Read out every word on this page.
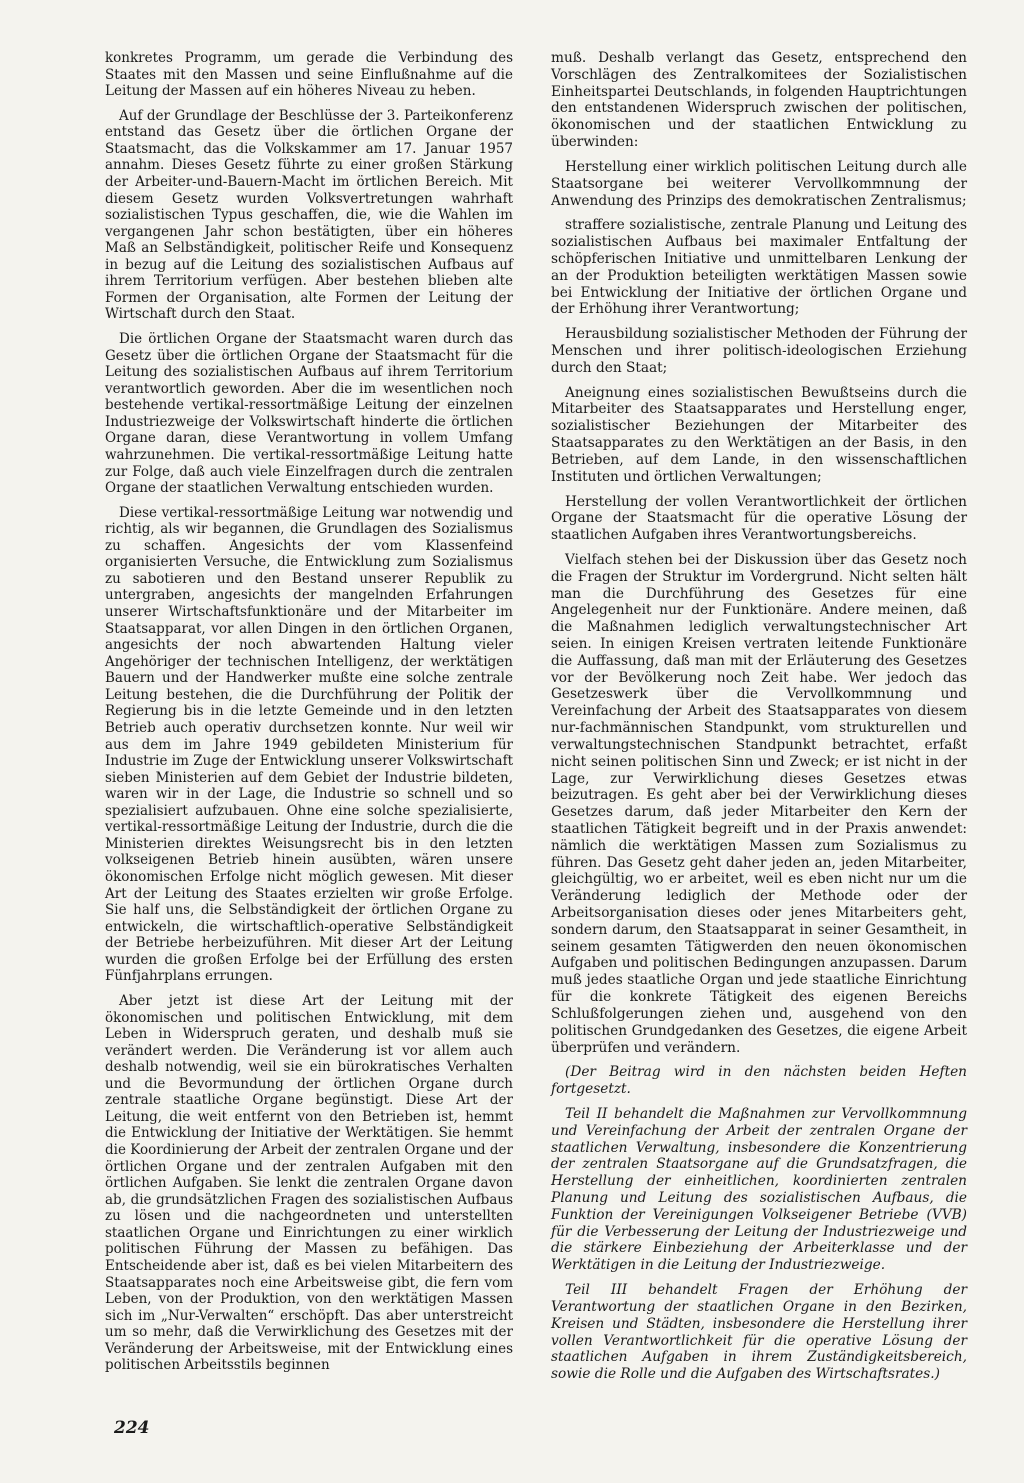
konkretes Programm, um gerade die Verbindung des Staates mit den Massen und seine Einflußnahme auf die Leitung der Massen auf ein höheres Niveau zu heben.

Auf der Grundlage der Beschlüsse der 3. Parteikonferenz entstand das Gesetz über die örtlichen Organe der Staatsmacht, das die Volkskammer am 17. Januar 1957 annahm. Dieses Gesetz führte zu einer großen Stärkung der Arbeiter-und-Bauern-Macht im örtlichen Bereich. Mit diesem Gesetz wurden Volksvertretungen wahrhaft sozialistischen Typus geschaffen, die, wie die Wahlen im vergangenen Jahr schon bestätigten, über ein höheres Maß an Selbständigkeit, politischer Reife und Konsequenz in bezug auf die Leitung des sozialistischen Aufbaus auf ihrem Territorium verfügen. Aber bestehen blieben alte Formen der Organisation, alte Formen der Leitung der Wirtschaft durch den Staat.

Die örtlichen Organe der Staatsmacht waren durch das Gesetz über die örtlichen Organe der Staatsmacht für die Leitung des sozialistischen Aufbaus auf ihrem Territorium verantwortlich geworden. Aber die im wesentlichen noch bestehende vertikal-ressortmäßige Leitung der einzelnen Industriezweige der Volkswirtschaft hinderte die örtlichen Organe daran, diese Verantwortung in vollem Umfang wahrzunehmen. Die vertikal-ressortmäßige Leitung hatte zur Folge, daß auch viele Einzelfragen durch die zentralen Organe der staatlichen Verwaltung entschieden wurden.

Diese vertikal-ressortmäßige Leitung war notwendig und richtig, als wir begannen, die Grundlagen des Sozialismus zu schaffen. Angesichts der vom Klassenfeind organisierten Versuche, die Entwicklung zum Sozialismus zu sabotieren und den Bestand unserer Republik zu untergraben, angesichts der mangelnden Erfahrungen unserer Wirtschaftsfunktionäre und der Mitarbeiter im Staatsapparat, vor allen Dingen in den örtlichen Organen, angesichts der noch abwartenden Haltung vieler Angehöriger der technischen Intelligenz, der werktätigen Bauern und der Handwerker mußte eine solche zentrale Leitung bestehen, die die Durchführung der Politik der Regierung bis in die letzte Gemeinde und in den letzten Betrieb auch operativ durchsetzen konnte. Nur weil wir aus dem im Jahre 1949 gebildeten Ministerium für Industrie im Zuge der Entwicklung unserer Volkswirtschaft sieben Ministerien auf dem Gebiet der Industrie bildeten, waren wir in der Lage, die Industrie so schnell und so spezialisiert aufzubauen. Ohne eine solche spezialisierte, vertikal-ressortmäßige Leitung der Industrie, durch die die Ministerien direktes Weisungsrecht bis in den letzten volkseigenen Betrieb hinein ausübten, wären unsere ökonomischen Erfolge nicht möglich gewesen. Mit dieser Art der Leitung des Staates erzielten wir große Erfolge. Sie half uns, die Selbständigkeit der örtlichen Organe zu entwickeln, die wirtschaftlich-operative Selbständigkeit der Betriebe herbeizuführen. Mit dieser Art der Leitung wurden die großen Erfolge bei der Erfüllung des ersten Fünfjahrplans errungen.

Aber jetzt ist diese Art der Leitung mit der ökonomischen und politischen Entwicklung, mit dem Leben in Widerspruch geraten, und deshalb muß sie verändert werden. Die Veränderung ist vor allem auch deshalb notwendig, weil sie ein bürokratisches Verhalten und die Bevormundung der örtlichen Organe durch zentrale staatliche Organe begünstigt. Diese Art der Leitung, die weit entfernt von den Betrieben ist, hemmt die Entwicklung der Initiative der Werktätigen. Sie hemmt die Koordinierung der Arbeit der zentralen Organe und der örtlichen Organe und der zentralen Aufgaben mit den örtlichen Aufgaben. Sie lenkt die zentralen Organe davon ab, die grundsätzlichen Fragen des sozialistischen Aufbaus zu lösen und die nachgeordneten und unterstellten staatlichen Organe und Einrichtungen zu einer wirklich politischen Führung der Massen zu befähigen. Das Entscheidende aber ist, daß es bei vielen Mitarbeitern des Staatsapparates noch eine Arbeitsweise gibt, die fern vom Leben, von der Produktion, von den werktätigen Massen sich im „Nur-Verwalten“ erschöpft. Das aber unterstreicht um so mehr, daß die Verwirklichung des Gesetzes mit der Veränderung der Arbeitsweise, mit der Entwicklung eines politischen Arbeitsstils beginnen

muß. Deshalb verlangt das Gesetz, entsprechend den Vorschlägen des Zentralkomitees der Sozialistischen Einheitspartei Deutschlands, in folgenden Hauptrichtungen den entstandenen Widerspruch zwischen der politischen, ökonomischen und der staatlichen Entwicklung zu überwinden:

Herstellung einer wirklich politischen Leitung durch alle Staatsorgane bei weiterer Vervollkommnung der Anwendung des Prinzips des demokratischen Zentralismus;

straffere sozialistische, zentrale Planung und Leitung des sozialistischen Aufbaus bei maximaler Entfaltung der schöpferischen Initiative und unmittelbaren Lenkung der an der Produktion beteiligten werktätigen Massen sowie bei Entwicklung der Initiative der örtlichen Organe und der Erhöhung ihrer Verantwortung;

Herausbildung sozialistischer Methoden der Führung der Menschen und ihrer politisch-ideologischen Erziehung durch den Staat;

Aneignung eines sozialistischen Bewußtseins durch die Mitarbeiter des Staatsapparates und Herstellung enger, sozialistischer Beziehungen der Mitarbeiter des Staatsapparates zu den Werktätigen an der Basis, in den Betrieben, auf dem Lande, in den wissenschaftlichen Instituten und örtlichen Verwaltungen;

Herstellung der vollen Verantwortlichkeit der örtlichen Organe der Staatsmacht für die operative Lösung der staatlichen Aufgaben ihres Verantwortungsbereichs.

Vielfach stehen bei der Diskussion über das Gesetz noch die Fragen der Struktur im Vordergrund. Nicht selten hält man die Durchführung des Gesetzes für eine Angelegenheit nur der Funktionäre. Andere meinen, daß die Maßnahmen lediglich verwaltungstechnischer Art seien. In einigen Kreisen vertraten leitende Funktionäre die Auffassung, daß man mit der Erläuterung des Gesetzes vor der Bevölkerung noch Zeit habe. Wer jedoch das Gesetzeswerk über die Vervollkommnung und Vereinfachung der Arbeit des Staatsapparates von diesem nur-fachmännischen Standpunkt, vom strukturellen und verwaltungstechnischen Standpunkt betrachtet, erfaßt nicht seinen politischen Sinn und Zweck; er ist nicht in der Lage, zur Verwirklichung dieses Gesetzes etwas beizutragen. Es geht aber bei der Verwirklichung dieses Gesetzes darum, daß jeder Mitarbeiter den Kern der staatlichen Tätigkeit begreift und in der Praxis anwendet: nämlich die werktätigen Massen zum Sozialismus zu führen. Das Gesetz geht daher jeden an, jeden Mitarbeiter, gleichgültig, wo er arbeitet, weil es eben nicht nur um die Veränderung lediglich der Methode oder der Arbeitsorganisation dieses oder jenes Mitarbeiters geht, sondern darum, den Staatsapparat in seiner Gesamtheit, in seinem gesamten Tätigwerden den neuen ökonomischen Aufgaben und politischen Bedingungen anzupassen. Darum muß jedes staatliche Organ und jede staatliche Einrichtung für die konkrete Tätigkeit des eigenen Bereichs Schlußfolgerungen ziehen und, ausgehend von den politischen Grundgedanken des Gesetzes, die eigene Arbeit überprüfen und verändern.

(Der Beitrag wird in den nächsten beiden Heften fortgesetzt.

Teil II behandelt die Maßnahmen zur Vervollkommnung und Vereinfachung der Arbeit der zentralen Organe der staatlichen Verwaltung, insbesondere die Konzentrierung der zentralen Staatsorgane auf die Grundsatzfragen, die Herstellung der einheitlichen, koordinierten zentralen Planung und Leitung des sozialistischen Aufbaus, die Funktion der Vereinigungen Volkseigener Betriebe (VVB) für die Verbesserung der Leitung der Industriezweige und die stärkere Einbeziehung der Arbeiterklasse und der Werktätigen in die Leitung der Industriezweige.

Teil III behandelt Fragen der Erhöhung der Verantwortung der staatlichen Organe in den Bezirken, Kreisen und Städten, insbesondere die Herstellung ihrer vollen Verantwortlichkeit für die operative Lösung der staatlichen Aufgaben in ihrem Zuständigkeitsbereich, sowie die Rolle und die Aufgaben des Wirtschaftsrates.)

224
